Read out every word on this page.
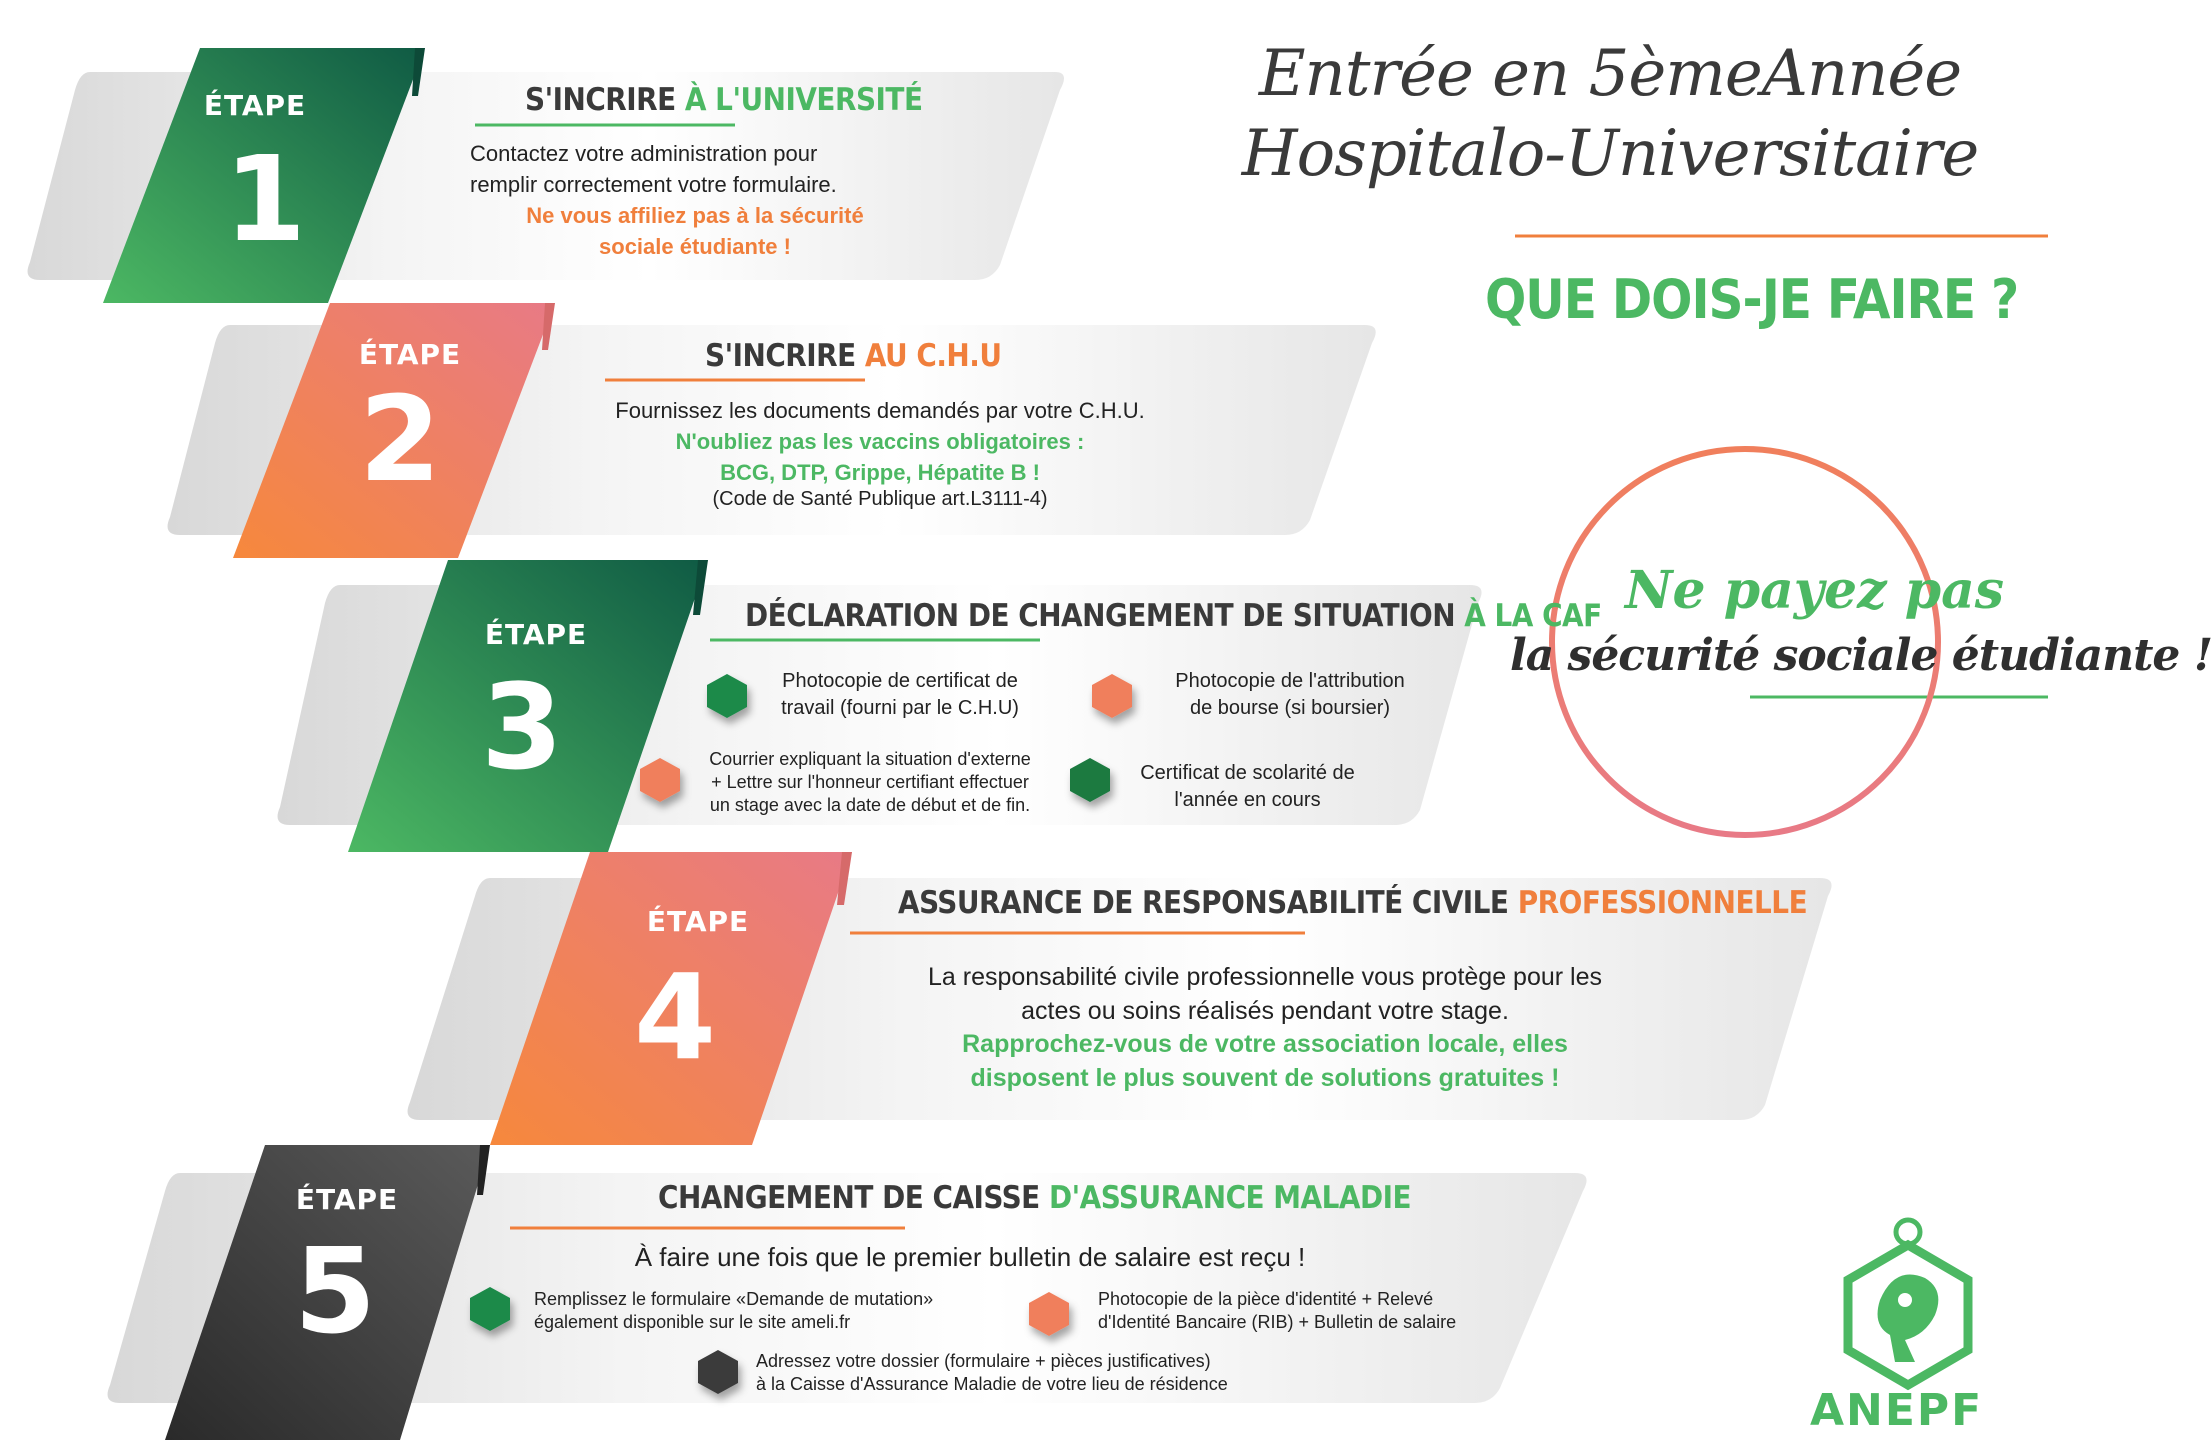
Entrée en 5èmeAnnée
Hospitalo-Universitaire
QUE DOIS-JE FAIRE ?
Ne payez pas
la sécurité sociale étudiante !
ÉTAPE
1
S'INCRIRE À L'UNIVERSITÉ
Contactez votre administration pour
remplir correctement votre formulaire.
Ne vous affiliez pas à la sécurité
sociale étudiante !
ÉTAPE
2
S'INCRIRE AU C.H.U
Fournissez les documents demandés par votre C.H.U.
N'oubliez pas les vaccins obligatoires :
BCG, DTP, Grippe, Hépatite B !
(Code de Santé Publique art.L3111-4)
ÉTAPE
3
DÉCLARATION DE CHANGEMENT DE SITUATION À LA CAF
Photocopie de certificat de
travail (fourni par le C.H.U)
Photocopie de l'attribution
de bourse (si boursier)
Courrier expliquant la situation d'externe
+ Lettre sur l'honneur certifiant effectuer
un stage avec la date de début et de fin.
Certificat de scolarité de
l'année en cours
ÉTAPE
4
ASSURANCE DE RESPONSABILITÉ CIVILE PROFESSIONNELLE
La responsabilité civile professionnelle vous protège pour les
actes ou soins réalisés pendant votre stage.
Rapprochez-vous de votre association locale, elles
disposent le plus souvent de solutions gratuites !
ÉTAPE
5
CHANGEMENT DE CAISSE D'ASSURANCE MALADIE
À faire une fois que le premier bulletin de salaire est reçu !
Remplissez le formulaire «Demande de mutation»
également disponible sur le site ameli.fr
Photocopie de la pièce d'identité + Relevé
d'Identité Bancaire (RIB) + Bulletin de salaire
Adressez votre dossier (formulaire + pièces justificatives)
à la Caisse d'Assurance Maladie de votre lieu de résidence
ANEPF
